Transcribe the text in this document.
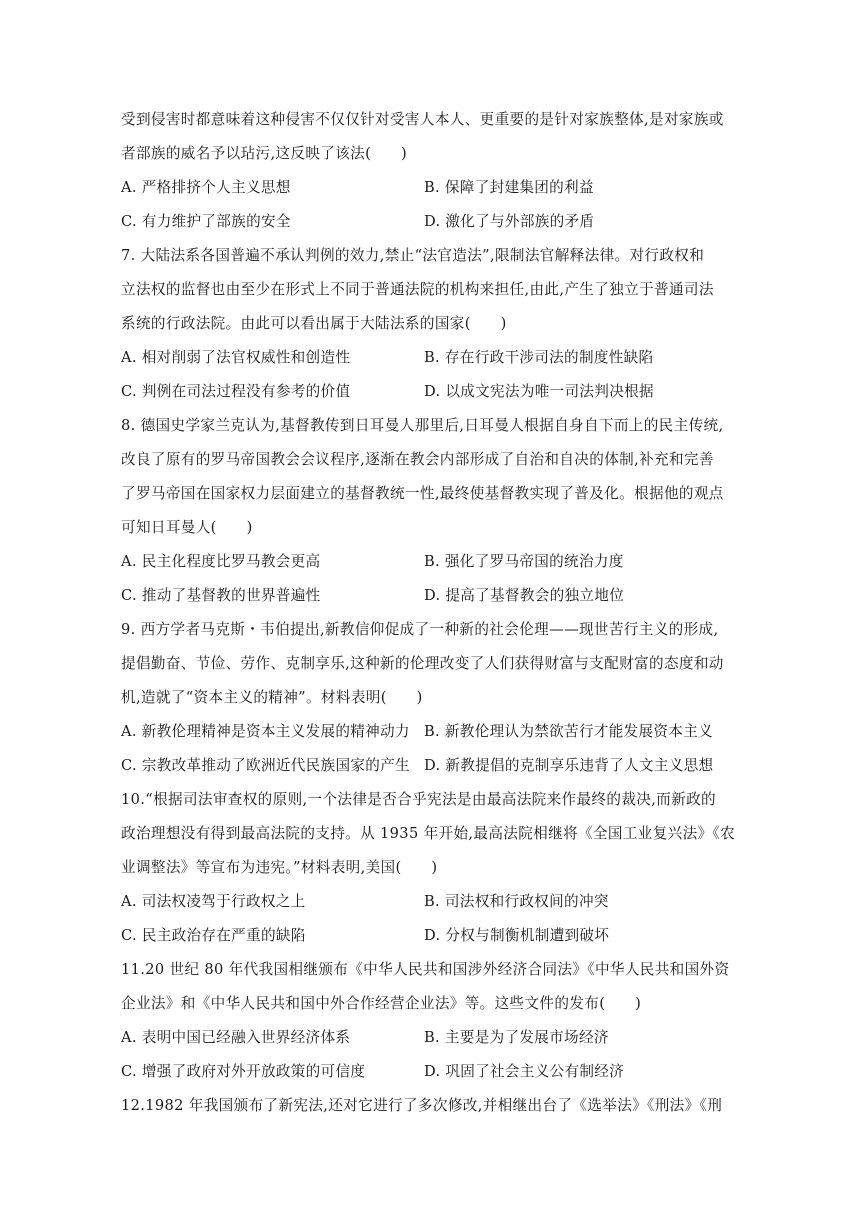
受到侵害时都意味着这种侵害不仅仅针对受害人本人、更重要的是针对家族整体,是对家族或
者部族的威名予以玷污,这反映了该法(　　)
A. 严格排挤个人主义思想	B. 保障了封建集团的利益
C. 有力维护了部族的安全	D. 激化了与外部族的矛盾
7. 大陆法系各国普遍不承认判例的效力,禁止“法官造法”,限制法官解释法律。对行政权和
立法权的监督也由至少在形式上不同于普通法院的机构来担任,由此,产生了独立于普通司法
系统的行政法院。由此可以看出属于大陆法系的国家(　　)
A. 相对削弱了法官权威性和创造性	B. 存在行政干涉司法的制度性缺陷
C. 判例在司法过程没有参考的价值	D. 以成文宪法为唯一司法判决根据
8. 德国史学家兰克认为,基督教传到日耳曼人那里后,日耳曼人根据自身自下而上的民主传统,
改良了原有的罗马帝国教会会议程序,逐渐在教会内部形成了自治和自决的体制,补充和完善
了罗马帝国在国家权力层面建立的基督教统一性,最终使基督教实现了普及化。根据他的观点
可知日耳曼人(　　)
A. 民主化程度比罗马教会更高	B. 强化了罗马帝国的统治力度
C. 推动了基督教的世界普遍性	D. 提高了基督教会的独立地位
9. 西方学者马克斯・韦伯提出,新教信仰促成了一种新的社会伦理——现世苦行主义的形成,
提倡勤奋、节俭、劳作、克制享乐,这种新的伦理改变了人们获得财富与支配财富的态度和动
机,造就了“资本主义的精神”。材料表明(　　)
A. 新教伦理精神是资本主义发展的精神动力 B. 新教伦理认为禁欲苦行才能发展资本主义
C. 宗教改革推动了欧洲近代民族国家的产生 D. 新教提倡的克制享乐违背了人文主义思想
10.“根据司法审查权的原则,一个法律是否合乎宪法是由最高法院来作最终的裁决,而新政的
政治理想没有得到最高法院的支持。从 1935 年开始,最高法院相继将《全国工业复兴法》《农
业调整法》等宣布为违宪。”材料表明,美国(　　)
A. 司法权凌驾于行政权之上	B. 司法权和行政权间的冲突
C. 民主政治存在严重的缺陷	D. 分权与制衡机制遭到破坏
11.20 世纪 80 年代我国相继颁布《中华人民共和国涉外经济合同法》《中华人民共和国外资
企业法》和《中华人民共和国中外合作经营企业法》等。这些文件的发布(　　)
A. 表明中国已经融入世界经济体系	B. 主要是为了发展市场经济
C. 增强了政府对外开放政策的可信度	D. 巩固了社会主义公有制经济
12.1982 年我国颁布了新宪法,还对它进行了多次修改,并相继出台了《选举法》《刑法》《刑
